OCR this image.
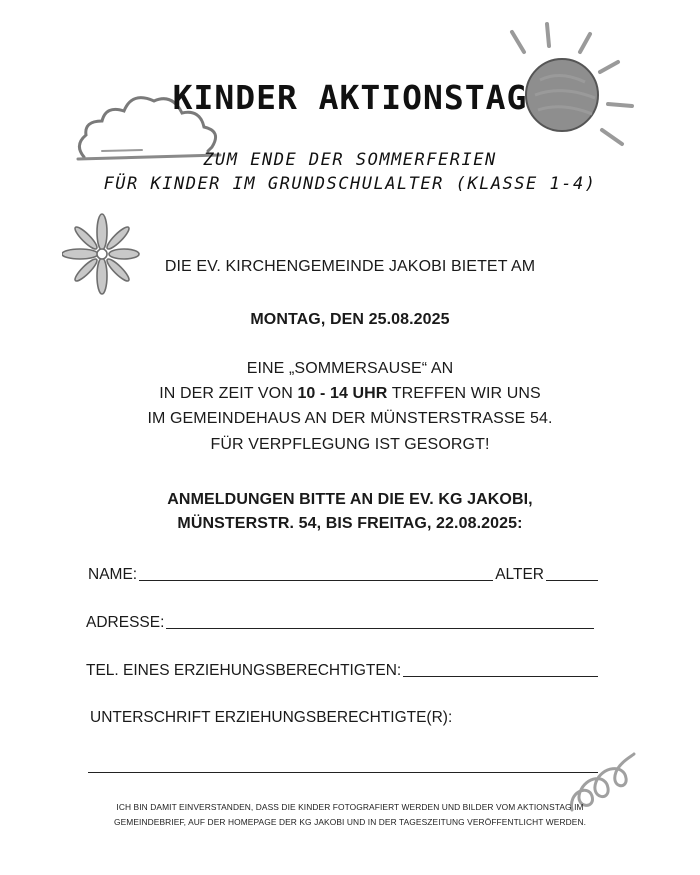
KINDER AKTIONSTAG
ZUM ENDE DER SOMMERFERIEN
FÜR KINDER IM GRUNDSCHULALTER (KLASSE 1-4)
DIE EV. KIRCHENGEMEINDE JAKOBI BIETET AM
MONTAG, DEN 25.08.2025
EINE „SOMMERSAUSE“ AN
IN DER ZEIT VON 10 - 14 UHR TREFFEN WIR UNS
IM GEMEINDEHAUS AN DER MÜNSTERSTRASSE 54.
FÜR VERPFLEGUNG IST GESORGT!
ANMELDUNGEN BITTE AN DIE EV. KG JAKOBI,
MÜNSTERSTR. 54, BIS FREITAG, 22.08.2025:
NAME:	ALTER
ADRESSE:
TEL. EINES ERZIEHUNGSBERECHTIGTEN:
UNTERSCHRIFT ERZIEHUNGSBERECHTIGTE(R):
ICH BIN DAMIT EINVERSTANDEN, DASS DIE KINDER FOTOGRAFIERT WERDEN UND BILDER VOM AKTIONSTAG IM
GEMEINDEBRIEF, AUF DER HOMEPAGE DER KG JAKOBI UND IN DER TAGESZEITUNG VERÖFFENTLICHT WERDEN.
